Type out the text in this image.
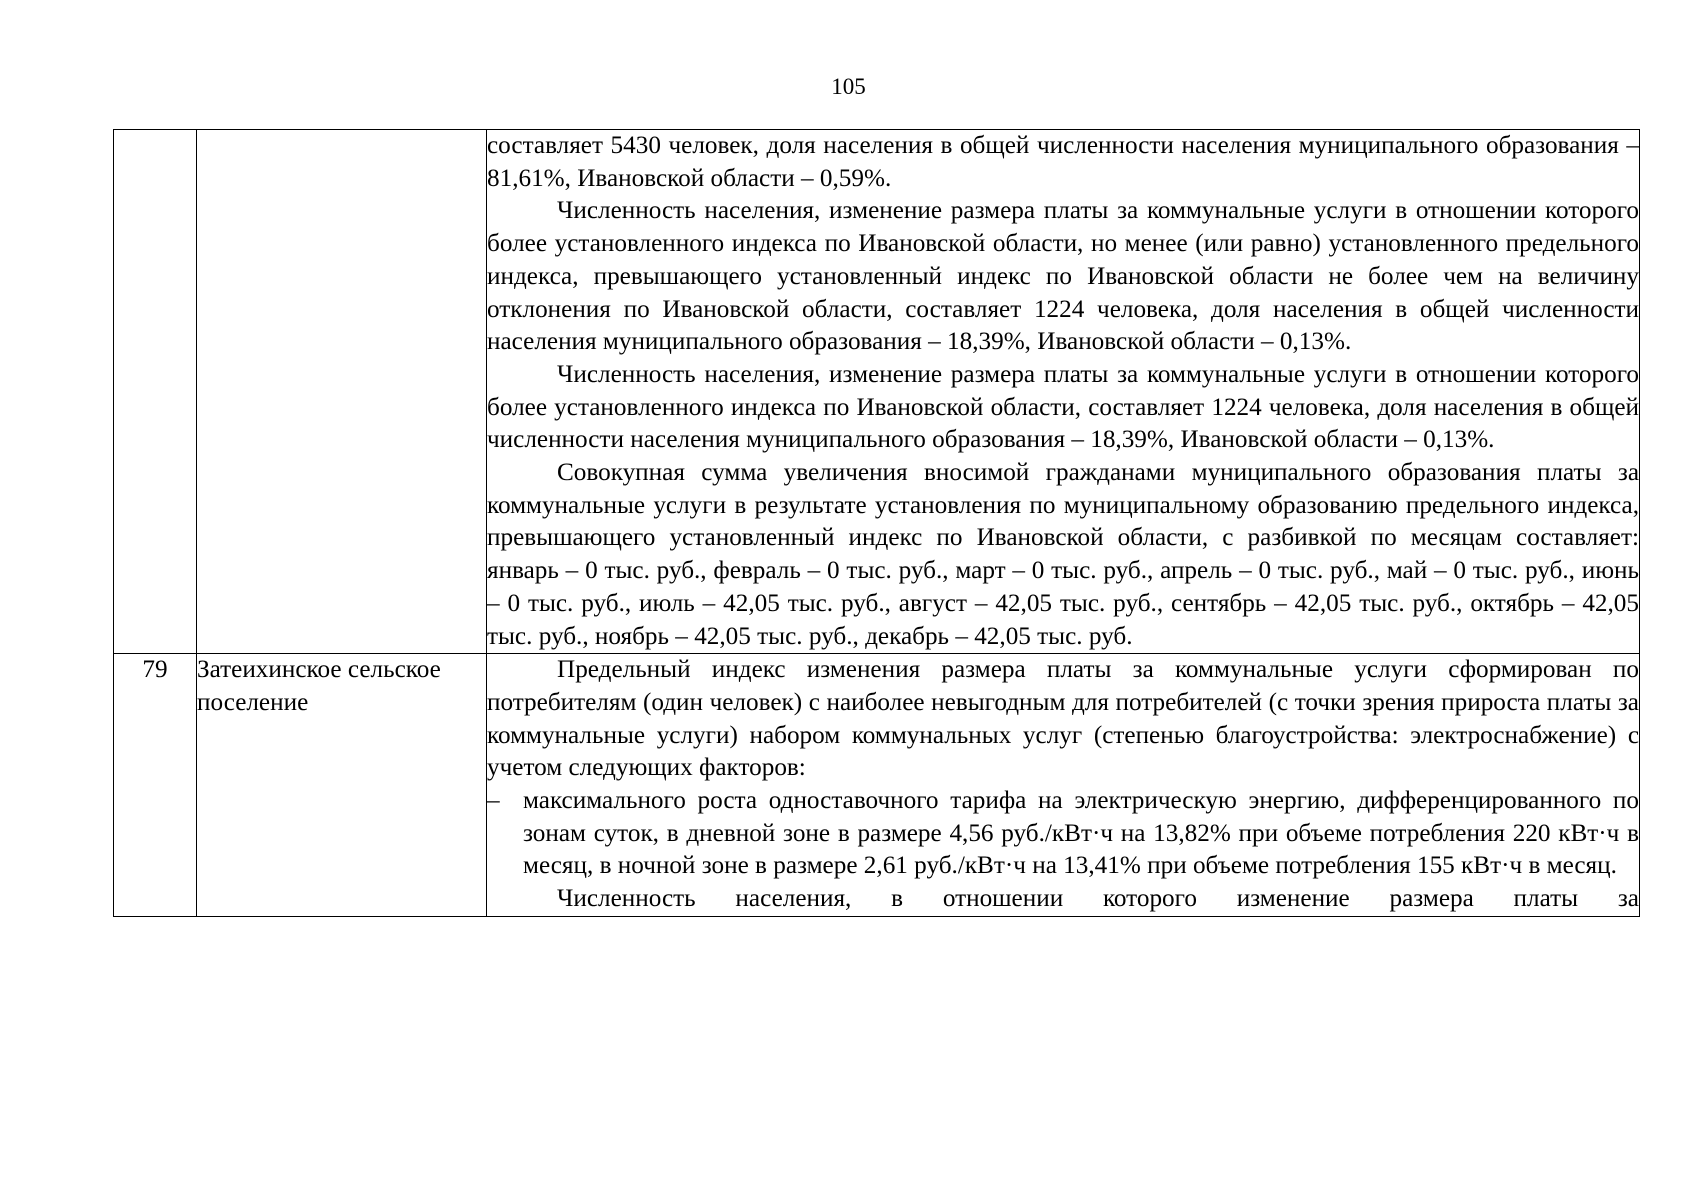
105

		составляет 5430 человек, доля населения в общей численности населения муниципального образования – 81,61%, Ивановской области – 0,59%.

Численность населения, изменение размера платы за коммунальные услуги в отношении которого более установленного индекса по Ивановской области, но менее (или равно) установленного предельного индекса, превышающего установленный индекс по Ивановской области не более чем на величину отклонения по Ивановской области, составляет 1224 человека, доля населения в общей численности населения муниципального образования – 18,39%, Ивановской области – 0,13%.

Численность населения, изменение размера платы за коммунальные услуги в отношении которого более установленного индекса по Ивановской области, составляет 1224 человека, доля населения в общей численности населения муниципального образования – 18,39%, Ивановской области – 0,13%.

Совокупная сумма увеличения вносимой гражданами муниципального образования платы за коммунальные услуги в результате установления по муниципальному образованию предельного индекса, превышающего установленный индекс по Ивановской области, с разбивкой по месяцам составляет: январь – 0 тыс. руб., февраль – 0 тыс. руб., март – 0 тыс. руб., апрель – 0 тыс. руб., май – 0 тыс. руб., июнь – 0 тыс. руб., июль – 42,05 тыс. руб., август – 42,05 тыс. руб., сентябрь – 42,05 тыс. руб., октябрь – 42,05 тыс. руб., ноябрь – 42,05 тыс. руб., декабрь – 42,05 тыс. руб.

79	Затеихинское сельское поселение	Предельный индекс изменения размера платы за коммунальные услуги сформирован по потребителям (один человек) с наиболее невыгодным для потребителей (с точки зрения прироста платы за коммунальные услуги) набором коммунальных услуг (степенью благоустройства: электроснабжение) с учетом следующих факторов:

– максимального роста одноставочного тарифа на электрическую энергию, дифференцированного по зонам суток, в дневной зоне в размере 4,56 руб./кВт·ч на 13,82% при объеме потребления 220 кВт·ч в месяц, в ночной зоне в размере 2,61 руб./кВт·ч на 13,41% при объеме потребления 155 кВт·ч в месяц.

Численность населения, в отношении которого изменение размера платы за
